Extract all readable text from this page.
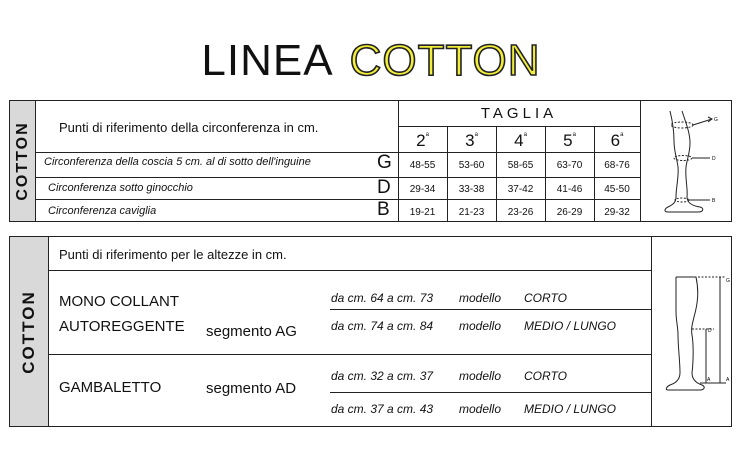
LINEA COTTON
COTTON Punti di riferimento della circonferenza in cm.
TAGLIA
2$^a$	3$^a$	4$^a$	5$^a$	6$^a$
Circonferenza della coscia 5 cm. al di sotto dell'inguine	G	48-55	53-60	58-65	63-70	68-76
Circonferenza sotto ginocchio	D	29-34	33-38	37-42	41-46	45-50
Circonferenza caviglia	B	19-21	21-23	23-26	26-29	29-32
G
D
B
COTTON
Punti di riferimento per le altezze in cm.
MONO COLLANT
AUTOREGGENTE segmento AG
da cm. 64 a cm. 73 modello CORTO
da cm. 74 a cm. 84 modello MEDIO / LUNGO
GAMBALETTO	segmento AD
da cm. 32 a cm. 37 modello CORTO
da cm. 37 a cm. 43 modello MEDIO / LUNGO
G
D
A	A
